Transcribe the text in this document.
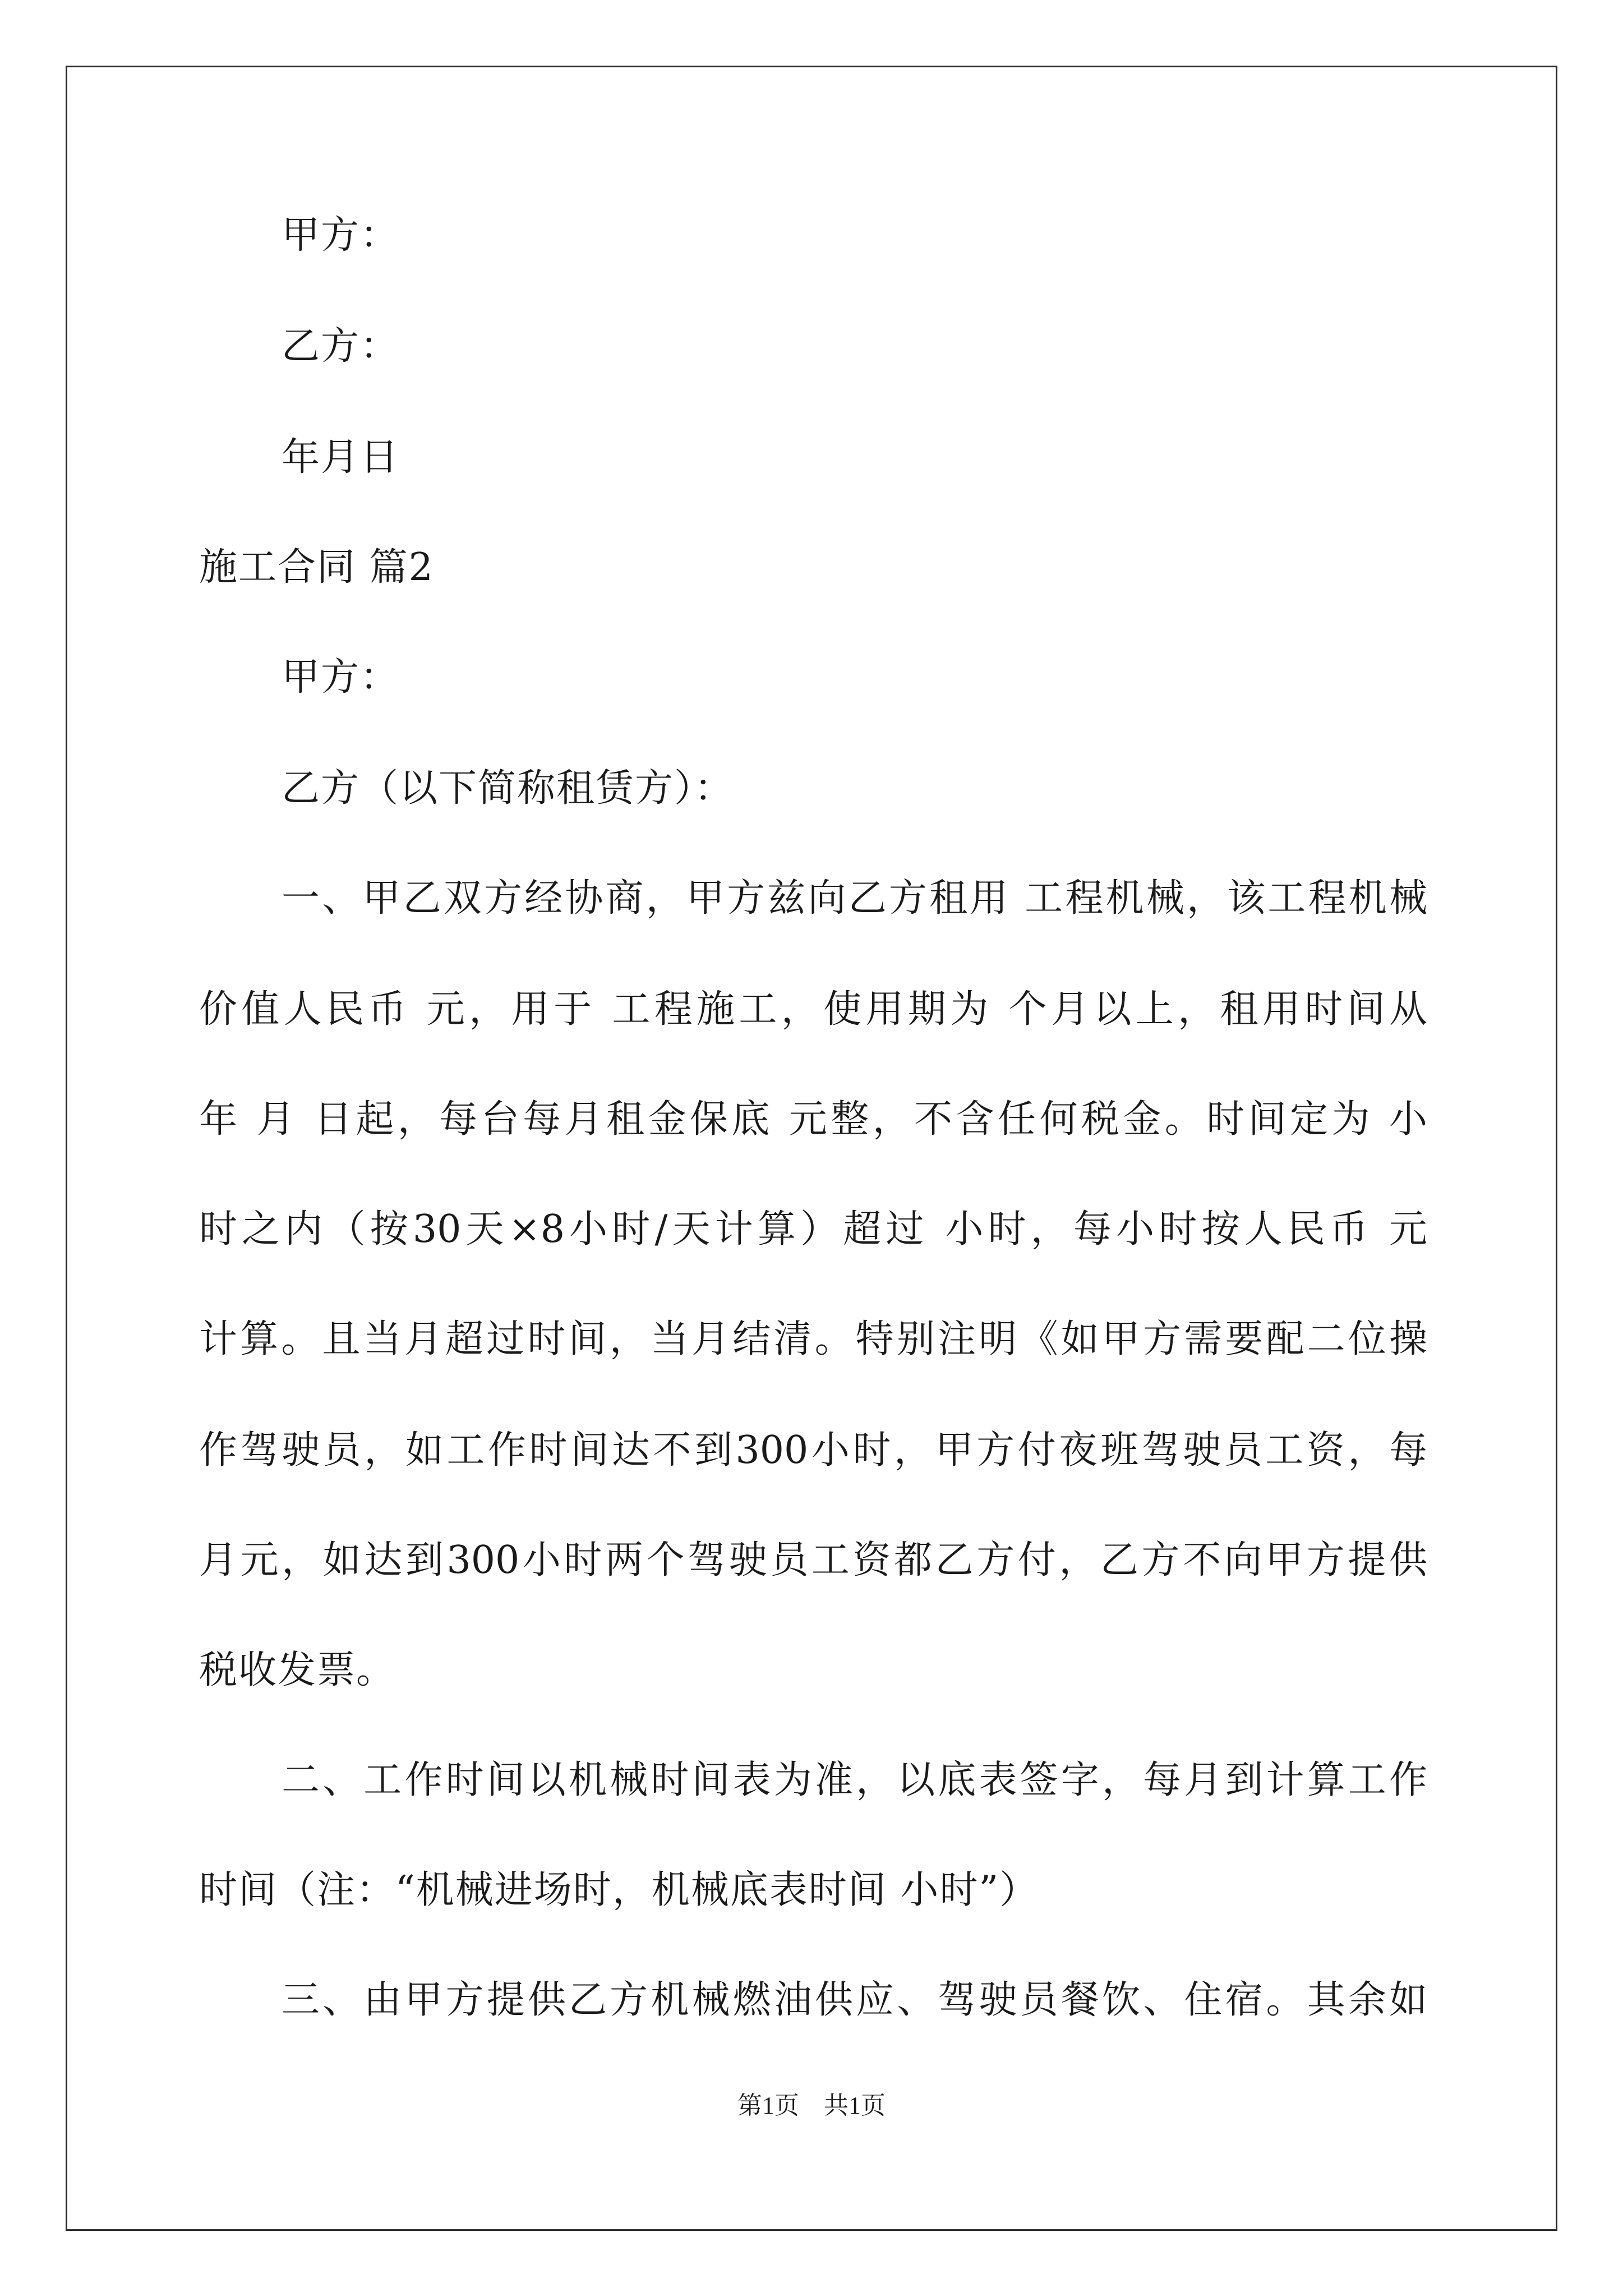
甲方：
乙方：
年月日
施工合同 篇2
甲方：
乙方（以下简称租赁方）：
一、甲乙双方经协商，甲方兹向乙方租用 工程机械，该工程机械
价值人民币 元，用于 工程施工，使用期为 个月以上，租用时间从
年 月 日起，每台每月租金保底 元整，不含任何税金。时间定为 小
时之内（按30天×8小时/天计算）超过 小时，每小时按人民币 元
计算。且当月超过时间，当月结清。特别注明《如甲方需要配二位操
作驾驶员，如工作时间达不到300小时，甲方付夜班驾驶员工资，每
月元，如达到300小时两个驾驶员工资都乙方付，乙方不向甲方提供
税收发票。
二、工作时间以机械时间表为准，以底表签字，每月到计算工作
时间（注：“机械进场时，机械底表时间 小时”）
三、由甲方提供乙方机械燃油供应、驾驶员餐饮、住宿。其余如
第1页　共1页
